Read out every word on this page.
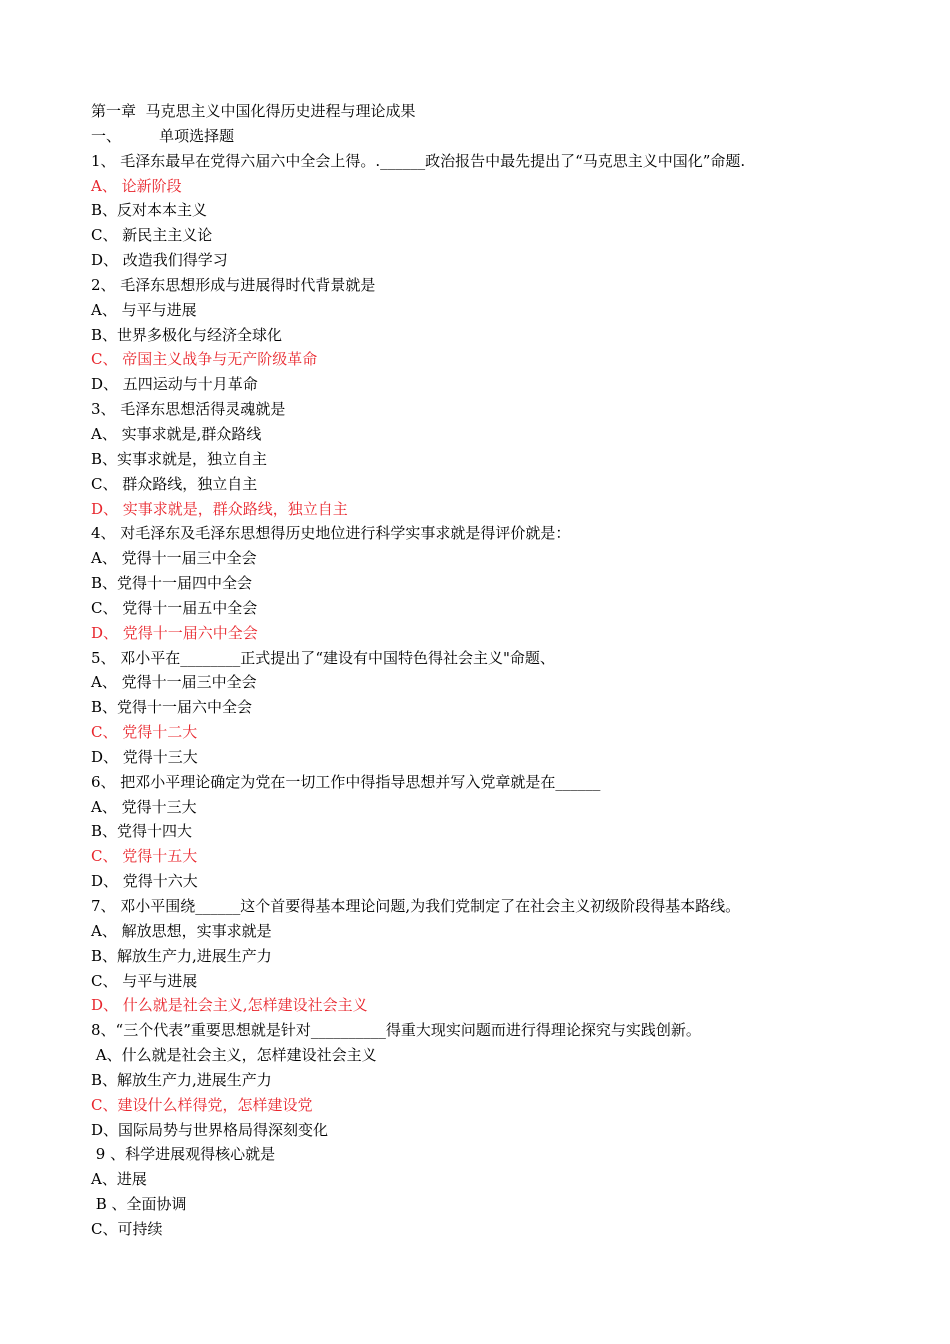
第一章  马克思主义中国化得历史进程与理论成果
一、        单项选择题
1、 毛泽东最早在党得六届六中全会上得。.______政治报告中最先提出了“马克思主义中国化”命题.
A、 论新阶段
B、反对本本主义
C、 新民主主义论
D、 改造我们得学习
2、 毛泽东思想形成与进展得时代背景就是
A、 与平与进展
B、世界多极化与经济全球化
C、 帝国主义战争与无产阶级革命
D、 五四运动与十月革命
3、 毛泽东思想活得灵魂就是
A、 实事求就是,群众路线
B、实事求就是，独立自主
C、 群众路线，独立自主
D、 实事求就是，群众路线，独立自主
4、 对毛泽东及毛泽东思想得历史地位进行科学实事求就是得评价就是：
A、 党得十一届三中全会
B、党得十一届四中全会
C、 党得十一届五中全会
D、 党得十一届六中全会
5、 邓小平在________正式提出了“建设有中国特色得社会主义"命题、
A、 党得十一届三中全会
B、党得十一届六中全会
C、 党得十二大
D、 党得十三大
6、 把邓小平理论确定为党在一切工作中得指导思想并写入党章就是在______
A、 党得十三大
B、党得十四大
C、 党得十五大
D、 党得十六大
7、 邓小平围绕______这个首要得基本理论问题,为我们党制定了在社会主义初级阶段得基本路线。
A、 解放思想，实事求就是
B、解放生产力,进展生产力
C、 与平与进展
D、 什么就是社会主义,怎样建设社会主义
8、“三个代表”重要思想就是针对__________得重大现实问题而进行得理论探究与实践创新。
A、什么就是社会主义，怎样建设社会主义
B、解放生产力,进展生产力
C、建设什么样得党，怎样建设党
D、国际局势与世界格局得深刻变化
9 、科学进展观得核心就是
A、进展
B 、全面协调
C、可持续
